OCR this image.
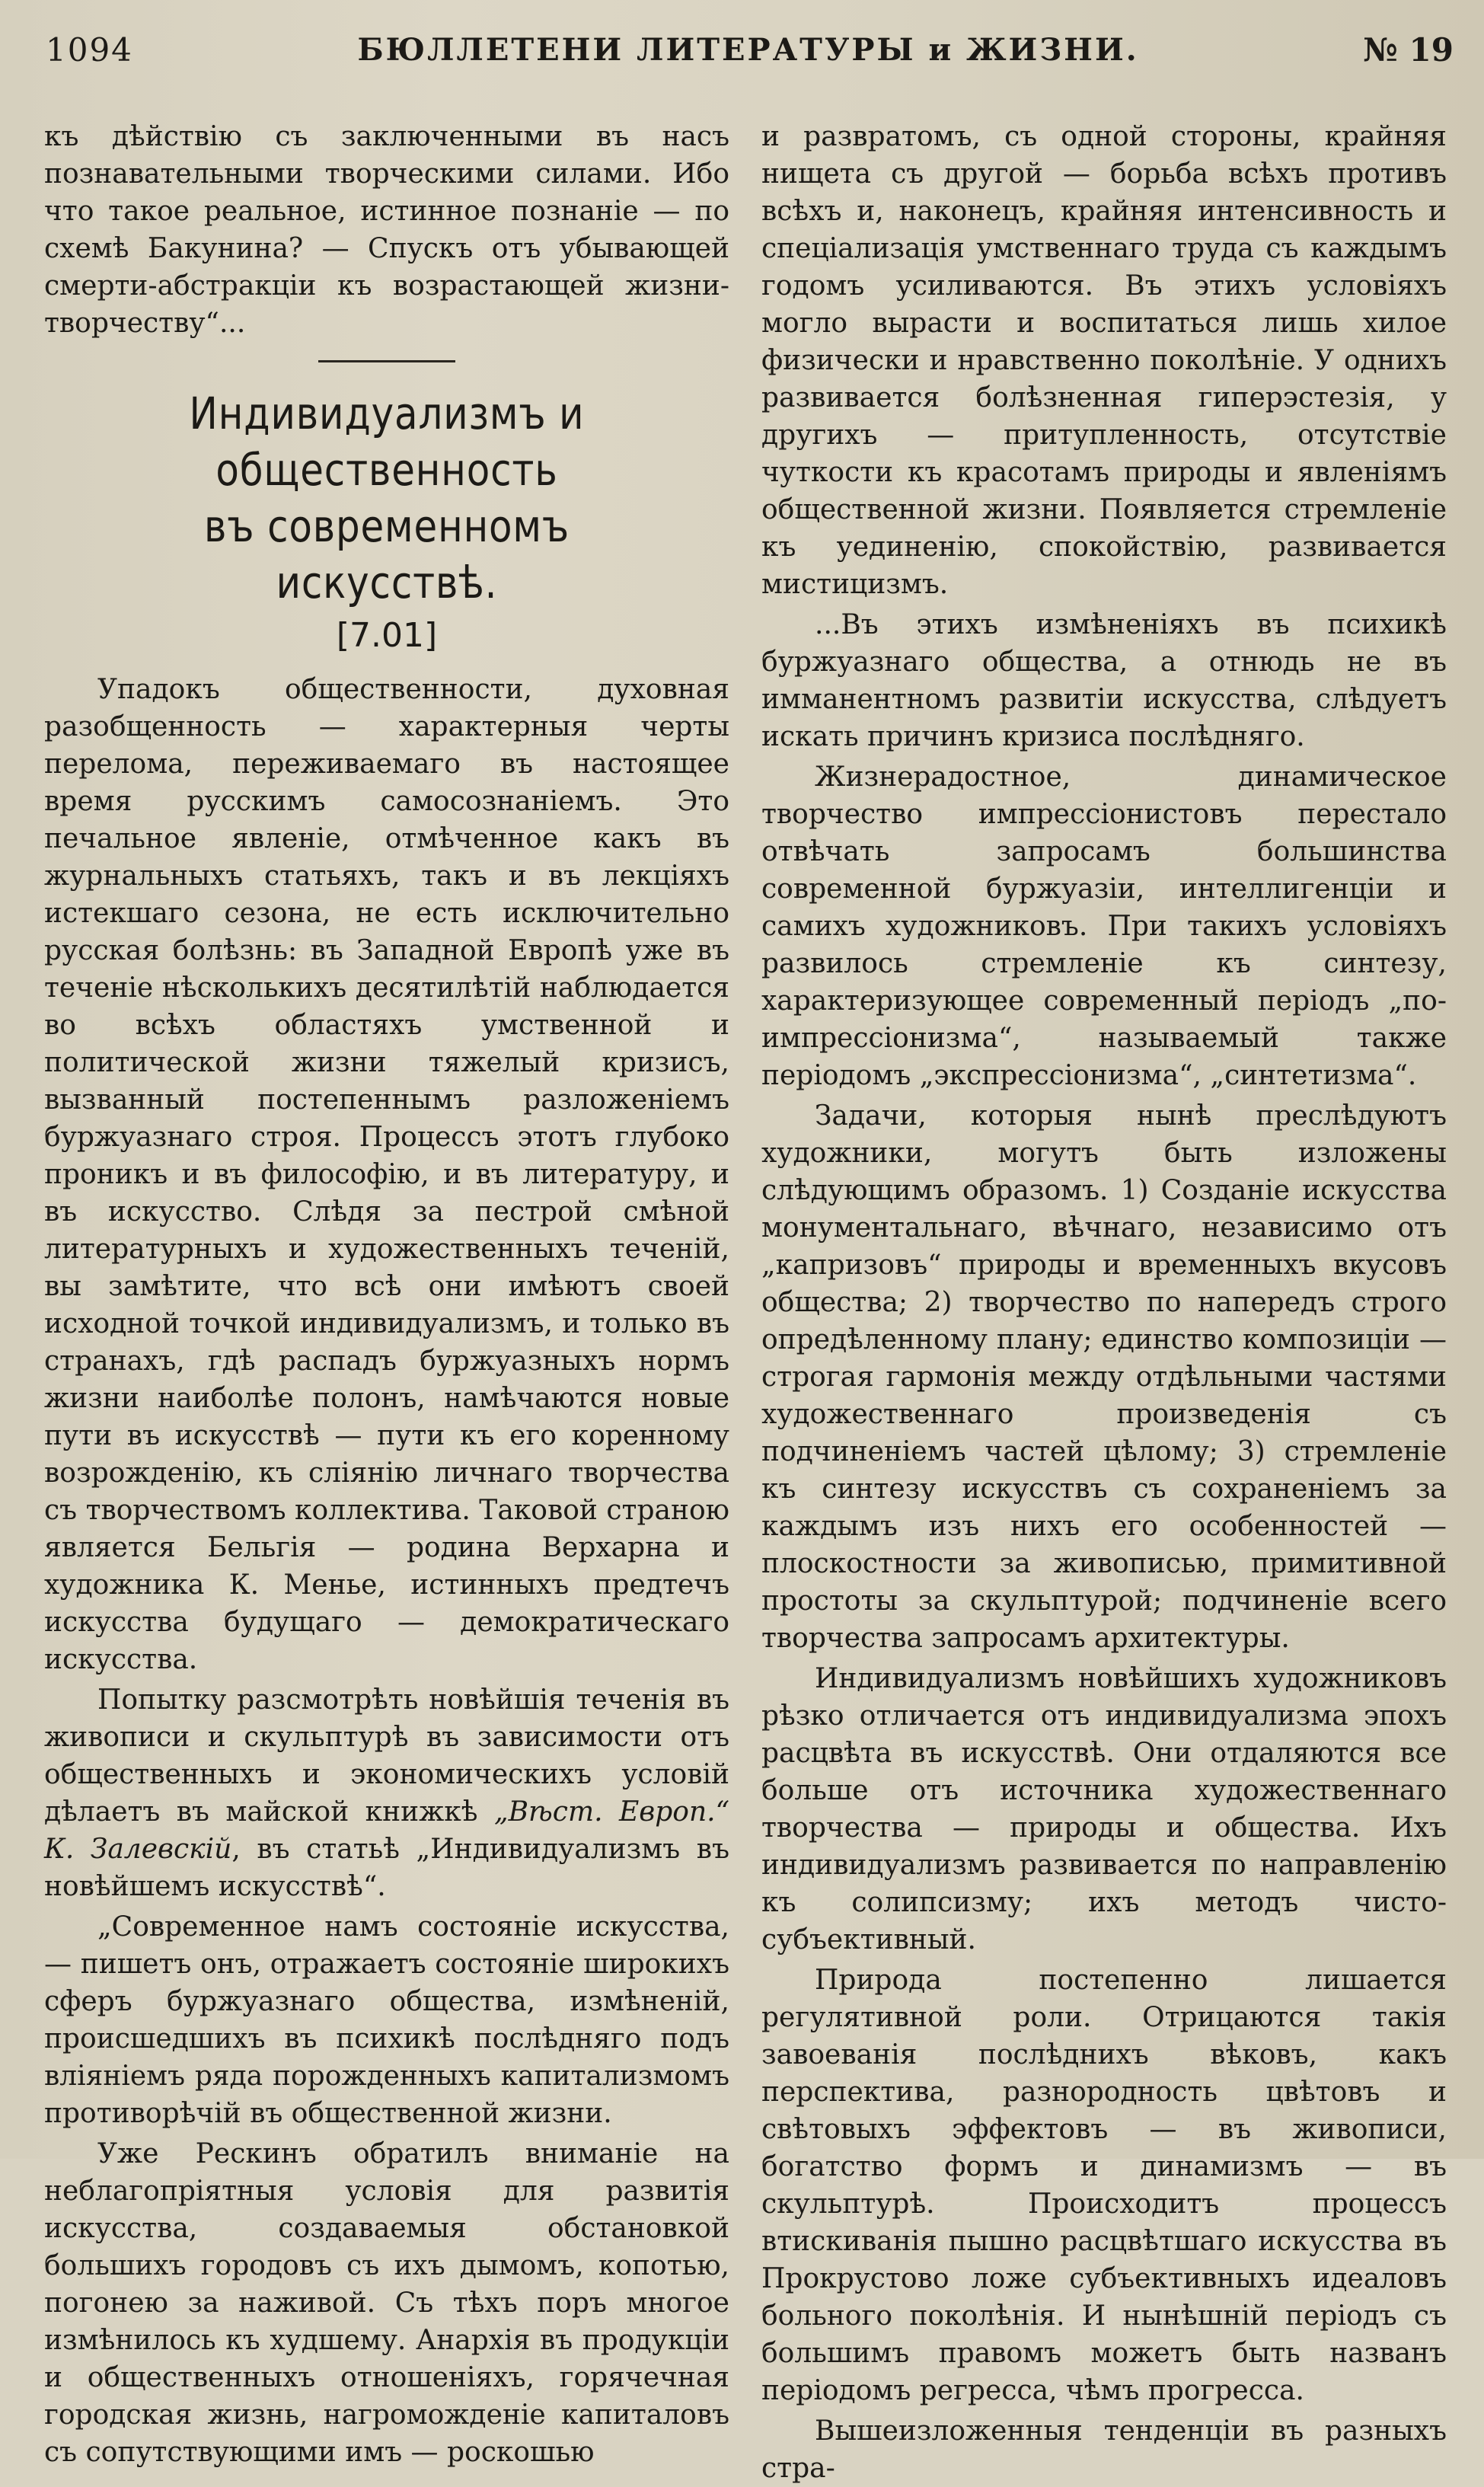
1094	БЮЛЛЕТЕНИ ЛИТЕРАТУРЫ и ЖИЗНИ.	№ 19

къ дѣйствію съ заключенными въ насъ познавательными творческими силами. Ибо что такое реальное, истинное познаніе — по схемѣ Бакунина? — Спускъ отъ убывающей смерти-абстракціи къ возрастающей жизни-творчеству“...

Индивидуализмъ и общественность
въ современномъ искусствѣ.
[7.01]

Упадокъ общественности, духовная разобщенность — характерныя черты перелома, переживаемаго въ настоящее время русскимъ самосознаніемъ. Это печальное явленіе, отмѣченное какъ въ журнальныхъ статьяхъ, такъ и въ лекціяхъ истекшаго сезона, не есть исключительно русская болѣзнь: въ Западной Европѣ уже въ теченіе нѣсколькихъ десятилѣтій наблюдается во всѣхъ областяхъ умственной и политической жизни тяжелый кризисъ, вызванный постепеннымъ разложеніемъ буржуазнаго строя. Процессъ этотъ глубоко проникъ и въ философію, и въ литературу, и въ искусство. Слѣдя за пестрой смѣной литературныхъ и художественныхъ теченій, вы замѣтите, что всѣ они имѣютъ своей исходной точкой индивидуализмъ, и только въ странахъ, гдѣ распадъ буржуазныхъ нормъ жизни наиболѣе полонъ, намѣчаются новые пути въ искусствѣ — пути къ его коренному возрожденію, къ сліянію личнаго творчества съ творчествомъ коллектива. Таковой страною является Бельгія — родина Верхарна и художника К. Менье, истинныхъ предтечъ искусства будущаго — демократическаго искусства.

Попытку разсмотрѣть новѣйшія теченія въ живописи и скульптурѣ въ зависимости отъ общественныхъ и экономическихъ условій дѣлаетъ въ майской книжкѣ „Вѣст. Европ.“ К. Залевскій, въ статьѣ „Индивидуализмъ въ новѣйшемъ искусствѣ“.

„Современное намъ состояніе искусства, — пишетъ онъ, отражаетъ состояніе широкихъ сферъ буржуазнаго общества, измѣненій, происшедшихъ въ психикѣ послѣдняго подъ вліяніемъ ряда порожденныхъ капитализмомъ противорѣчій въ общественной жизни.

Уже Рескинъ обратилъ вниманіе на неблагопріятныя условія для развитія искусства, создаваемыя обстановкой большихъ городовъ съ ихъ дымомъ, копотью, погонею за наживой. Съ тѣхъ поръ многое измѣнилось къ худшему. Анархія въ продукціи и общественныхъ отношеніяхъ, горячечная городская жизнь, нагроможденіе капиталовъ съ сопутствующими имъ — роскошью

и развратомъ, съ одной стороны, крайняя нищета съ другой — борьба всѣхъ противъ всѣхъ и, наконецъ, крайняя интенсивность и спеціализація умственнаго труда съ каждымъ годомъ усиливаются. Въ этихъ условіяхъ могло вырасти и воспитаться лишь хилое физически и нравственно поколѣніе. У однихъ развивается болѣзненная гиперэстезія, у другихъ — притупленность, отсутствіе чуткости къ красотамъ природы и явленіямъ общественной жизни. Появляется стремленіе къ уединенію, спокойствію, развивается мистицизмъ.

...Въ этихъ измѣненіяхъ въ психикѣ буржуазнаго общества, а отнюдь не въ имманентномъ развитіи искусства, слѣдуетъ искать причинъ кризиса послѣдняго.

Жизнерадостное, динамическое творчество импрессіонистовъ перестало отвѣчать запросамъ большинства современной буржуазіи, интеллигенціи и самихъ художниковъ. При такихъ условіяхъ развилось стремленіе къ синтезу, характеризующее современный періодъ „по-импрессіонизма“, называемый также періодомъ „экспрессіонизма“, „синтетизма“.

Задачи, которыя нынѣ преслѣдуютъ художники, могутъ быть изложены слѣдующимъ образомъ. 1) Созданіе искусства монументальнаго, вѣчнаго, независимо отъ „капризовъ“ природы и временныхъ вкусовъ общества; 2) творчество по напередъ строго опредѣленному плану; единство композиціи — строгая гармонія между отдѣльными частями художественнаго произведенія съ подчиненіемъ частей цѣлому; 3) стремленіе къ синтезу искусствъ съ сохраненіемъ за каждымъ изъ нихъ его особенностей — плоскостности за живописью, примитивной простоты за скульптурой; подчиненіе всего творчества запросамъ архитектуры.

Индивидуализмъ новѣйшихъ художниковъ рѣзко отличается отъ индивидуализма эпохъ расцвѣта въ искусствѣ. Они отдаляются все больше отъ источника художественнаго творчества — природы и общества. Ихъ индивидуализмъ развивается по направленію къ солипсизму; ихъ методъ чисто-субъективный.

Природа постепенно лишается регулятивной роли. Отрицаются такія завоеванія послѣднихъ вѣковъ, какъ перспектива, разнородность цвѣтовъ и свѣтовыхъ эффектовъ — въ живописи, богатство формъ и динамизмъ — въ скульптурѣ. Происходитъ процессъ втискиванія пышно расцвѣтшаго искусства въ Прокрустово ложе субъективныхъ идеаловъ больного поколѣнія. И нынѣшній періодъ съ большимъ правомъ можетъ быть названъ періодомъ регресса, чѣмъ прогресса.

Вышеизложенныя тенденціи въ разныхъ стра-
